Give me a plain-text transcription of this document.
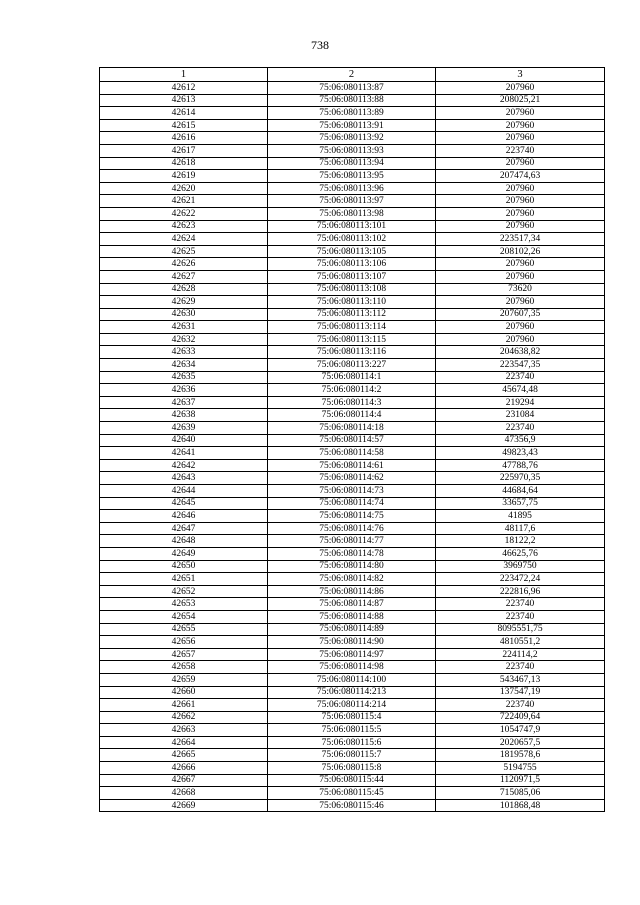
738
1	2	3
42612	75:06:080113:87	207960
42613	75:06:080113:88	208025,21
42614	75:06:080113:89	207960
42615	75:06:080113:91	207960
42616	75:06:080113:92	207960
42617	75:06:080113:93	223740
42618	75:06:080113:94	207960
42619	75:06:080113:95	207474,63
42620	75:06:080113:96	207960
42621	75:06:080113:97	207960
42622	75:06:080113:98	207960
42623	75:06:080113:101	207960
42624	75:06:080113:102	223517,34
42625	75:06:080113:105	208102,26
42626	75:06:080113:106	207960
42627	75:06:080113:107	207960
42628	75:06:080113:108	73620
42629	75:06:080113:110	207960
42630	75:06:080113:112	207607,35
42631	75:06:080113:114	207960
42632	75:06:080113:115	207960
42633	75:06:080113:116	204638,82
42634	75:06:080113:227	223547,35
42635	75:06:080114:1	223740
42636	75:06:080114:2	45674,48
42637	75:06:080114:3	219294
42638	75:06:080114:4	231084
42639	75:06:080114:18	223740
42640	75:06:080114:57	47356,9
42641	75:06:080114:58	49823,43
42642	75:06:080114:61	47788,76
42643	75:06:080114:62	225970,35
42644	75:06:080114:73	44684,64
42645	75:06:080114:74	33657,75
42646	75:06:080114:75	41895
42647	75:06:080114:76	48117,6
42648	75:06:080114:77	18122,2
42649	75:06:080114:78	46625,76
42650	75:06:080114:80	3969750
42651	75:06:080114:82	223472,24
42652	75:06:080114:86	222816,96
42653	75:06:080114:87	223740
42654	75:06:080114:88	223740
42655	75:06:080114:89	8095551,75
42656	75:06:080114:90	4810551,2
42657	75:06:080114:97	224114,2
42658	75:06:080114:98	223740
42659	75:06:080114:100	543467,13
42660	75:06:080114:213	137547,19
42661	75:06:080114:214	223740
42662	75:06:080115:4	722409,64
42663	75:06:080115:5	1054747,9
42664	75:06:080115:6	2020657,5
42665	75:06:080115:7	1819578,6
42666	75:06:080115:8	5194755
42667	75:06:080115:44	1120971,5
42668	75:06:080115:45	715085,06
42669	75:06:080115:46	101868,48
